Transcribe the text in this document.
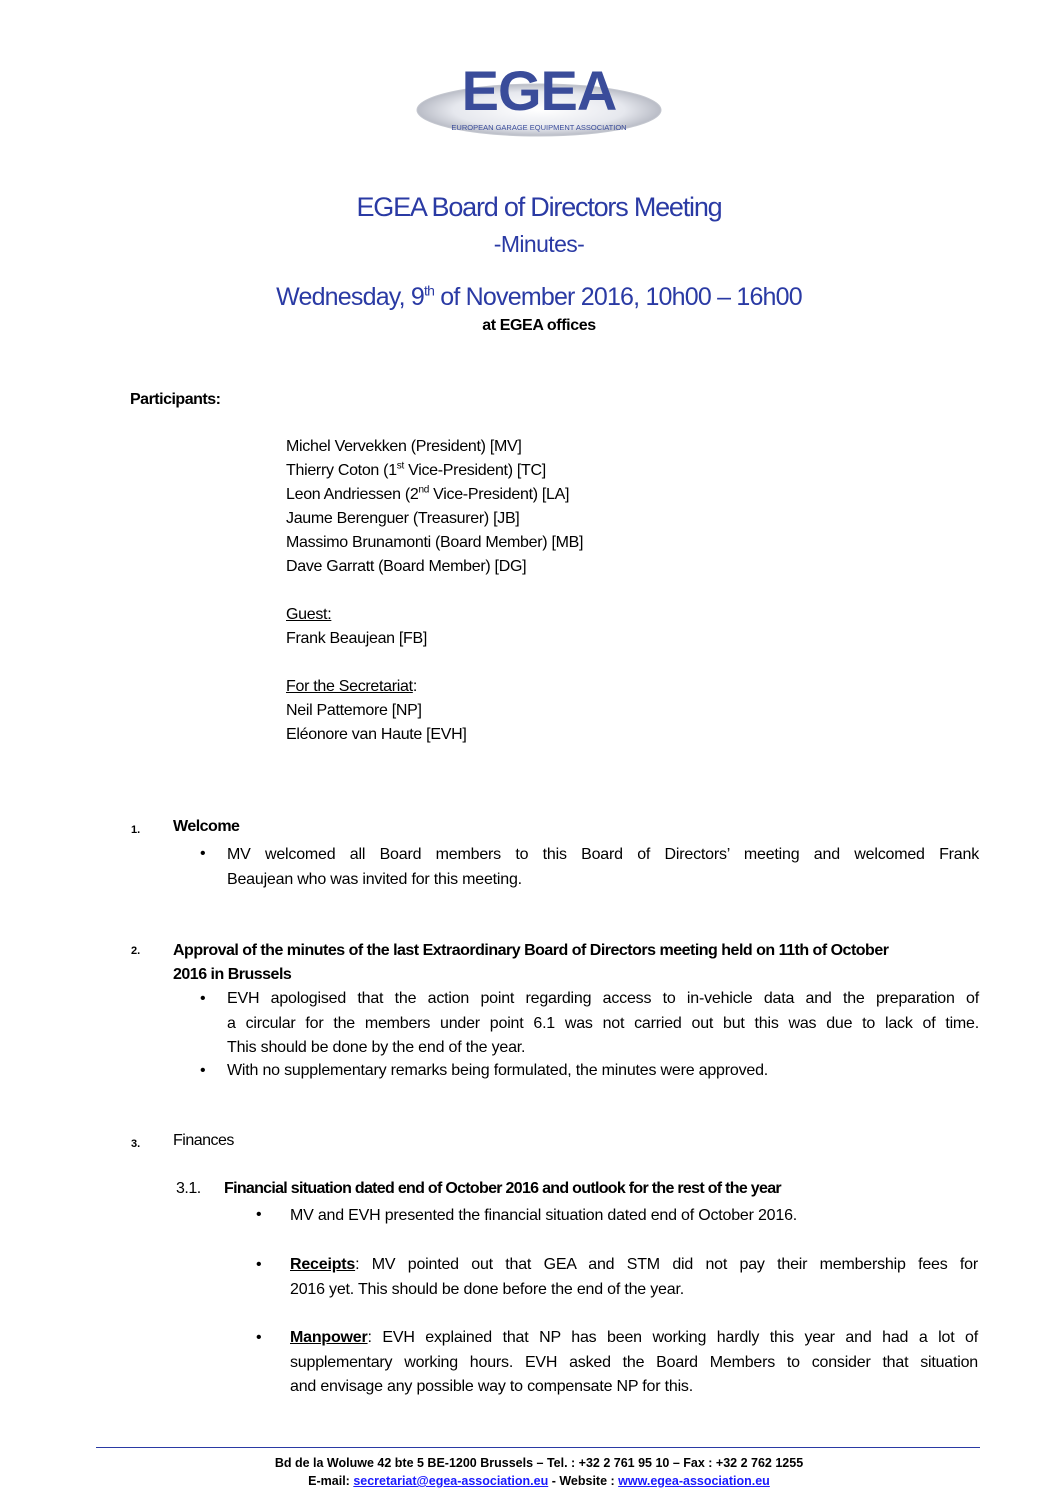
EGEA
EUROPEAN GARAGE EQUIPMENT ASSOCIATION
EGEA Board of Directors Meeting
-Minutes-
Wednesday, 9th of November 2016, 10h00 – 16h00
at EGEA offices
Participants:
Michel Vervekken (President) [MV]
Thierry Coton (1st Vice-President) [TC]
Leon Andriessen (2nd Vice-President) [LA]
Jaume Berenguer (Treasurer) [JB]
Massimo Brunamonti (Board Member) [MB]
Dave Garratt (Board Member) [DG]
Guest:
Frank Beaujean [FB]
For the Secretariat:
Neil Pattemore [NP]
Eléonore van Haute [EVH]
1. Welcome
• MV welcomed all Board members to this Board of Directors’ meeting and welcomed Frank
Beaujean who was invited for this meeting.
2. Approval of the minutes of the last Extraordinary Board of Directors meeting held on 11th of October
2016 in Brussels
• EVH apologised that the action point regarding access to in-vehicle data and the preparation of
a circular for the members under point 6.1 was not carried out but this was due to lack of time.
This should be done by the end of the year.
• With no supplementary remarks being formulated, the minutes were approved.
3. Finances
3.1. Financial situation dated end of October 2016 and outlook for the rest of the year
• MV and EVH presented the financial situation dated end of October 2016.
• Receipts: MV pointed out that GEA and STM did not pay their membership fees for
2016 yet. This should be done before the end of the year.
• Manpower: EVH explained that NP has been working hardly this year and had a lot of
supplementary working hours. EVH asked the Board Members to consider that situation
and envisage any possible way to compensate NP for this.
Bd de la Woluwe 42 bte 5 BE-1200 Brussels – Tel. : +32 2 761 95 10 – Fax : +32 2 762 1255
E-mail: secretariat@egea-association.eu - Website : www.egea-association.eu
